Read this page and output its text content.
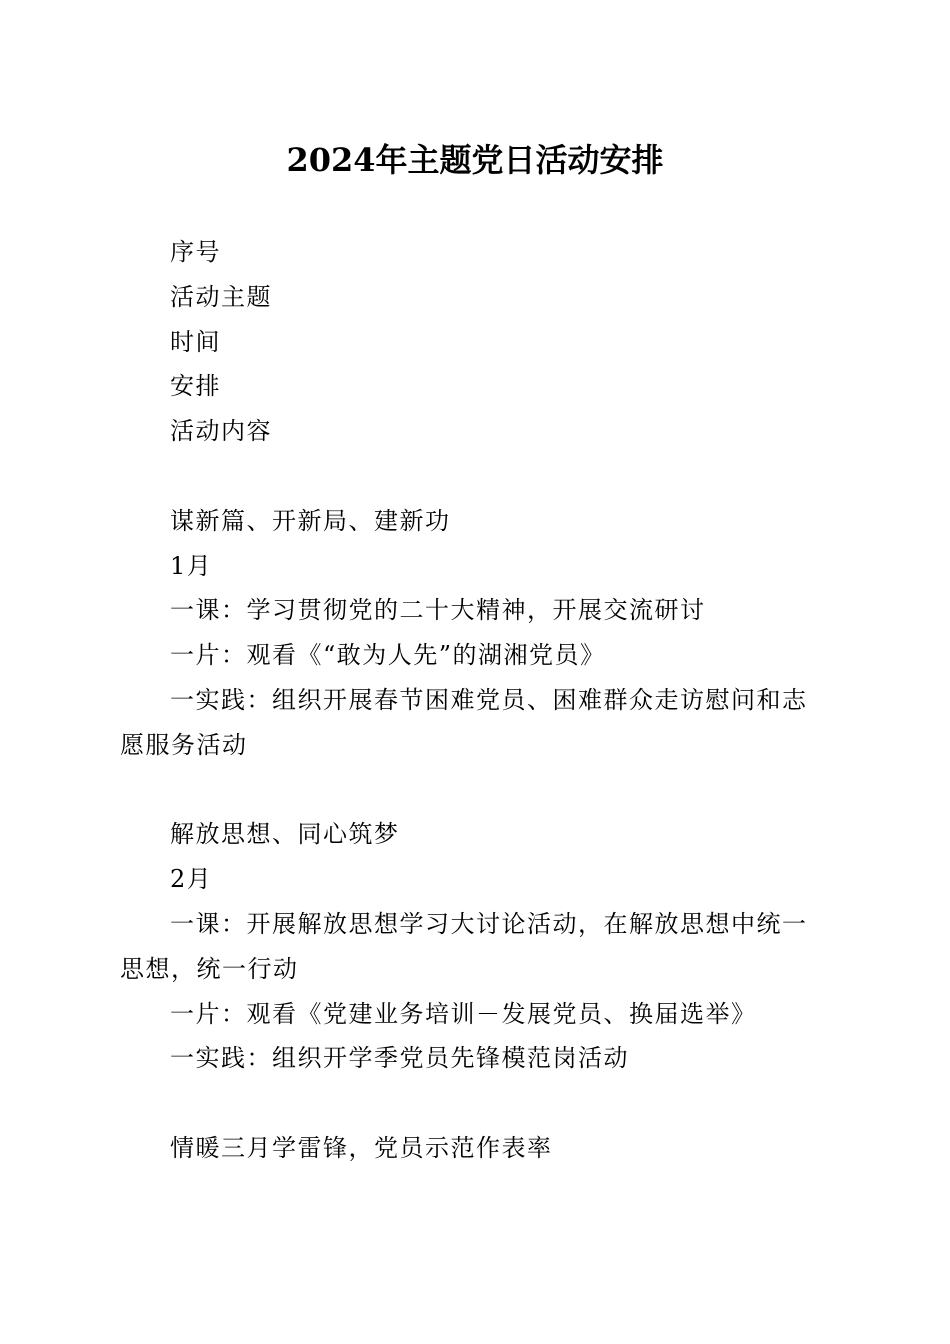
2024年主题党日活动安排

序号

活动主题

时间

安排

活动内容

谋新篇、开新局、建新功

1月

一课：学习贯彻党的二十大精神，开展交流研讨

一片：观看《“敢为人先”的湖湘党员》

一实践：组织开展春节困难党员、困难群众走访慰问和志愿服务活动

解放思想、同心筑梦

2月

一课：开展解放思想学习大讨论活动，在解放思想中统一思想，统一行动

一片：观看《党建业务培训－发展党员、换届选举》

一实践：组织开学季党员先锋模范岗活动

情暖三月学雷锋，党员示范作表率
